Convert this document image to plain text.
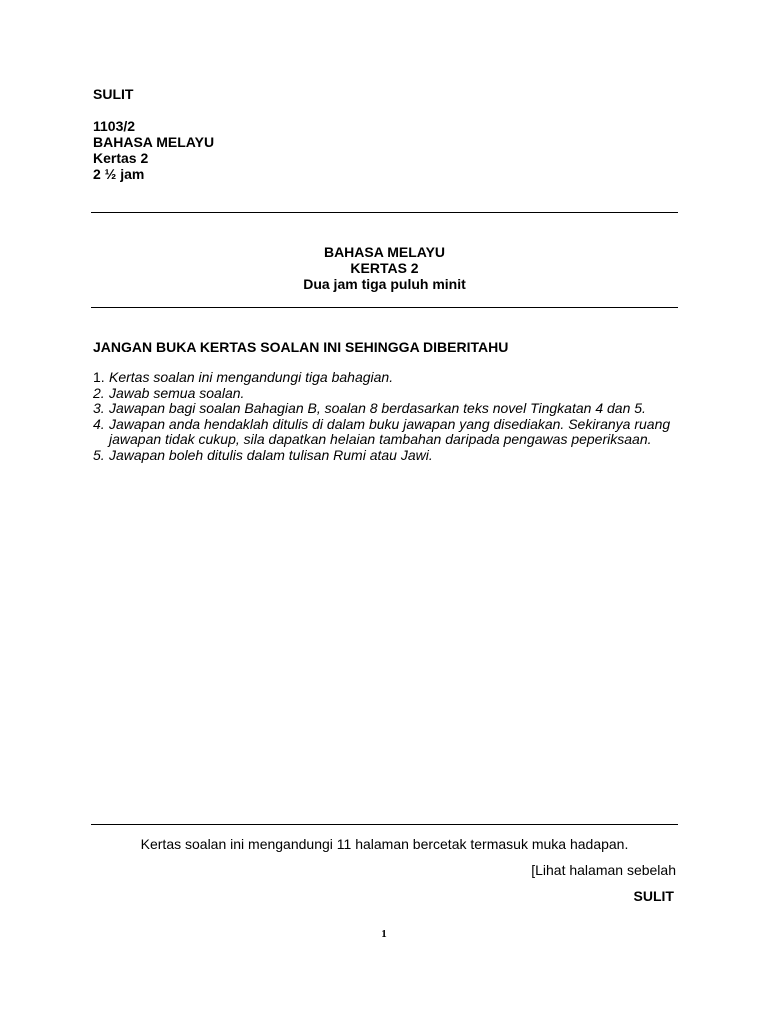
SULIT
1103/2
BAHASA MELAYU
Kertas 2
2 ½ jam
BAHASA MELAYU
KERTAS 2
Dua jam tiga puluh minit
JANGAN BUKA KERTAS SOALAN INI SEHINGGA DIBERITAHU
1. Kertas soalan ini mengandungi tiga bahagian.
2. Jawab semua soalan.
3. Jawapan bagi soalan Bahagian B, soalan 8 berdasarkan teks novel Tingkatan 4 dan 5.
4. Jawapan anda hendaklah ditulis di dalam buku jawapan yang disediakan. Sekiranya ruang jawapan tidak cukup, sila dapatkan helaian tambahan daripada pengawas peperiksaan.
5. Jawapan boleh ditulis dalam tulisan Rumi atau Jawi.
Kertas soalan ini mengandungi 11 halaman bercetak termasuk muka hadapan.
[Lihat halaman sebelah
SULIT
1
